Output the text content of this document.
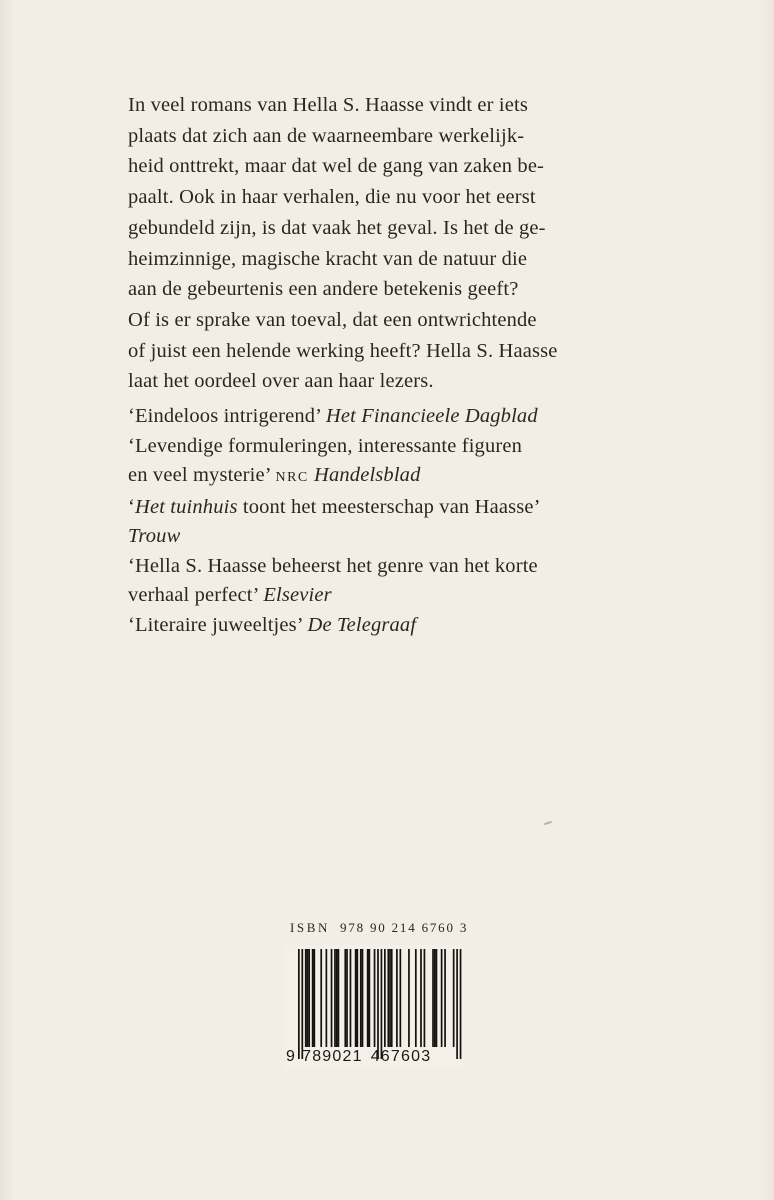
In veel romans van Hella S. Haasse vindt er iets
plaats dat zich aan de waarneembare werkelijk-
heid onttrekt, maar dat wel de gang van zaken be-
paalt. Ook in haar verhalen, die nu voor het eerst
gebundeld zijn, is dat vaak het geval. Is het de ge-
heimzinnige, magische kracht van de natuur die
aan de gebeurtenis een andere betekenis geeft?
Of is er sprake van toeval, dat een ontwrichtende
of juist een helende werking heeft? Hella S. Haasse
laat het oordeel over aan haar lezers.
‘Eindeloos intrigerend’ Het Financieele Dagblad
‘Levendige formuleringen, interessante figuren
en veel mysterie’ NRC Handelsblad
‘Het tuinhuis toont het meesterschap van Haasse’
Trouw
‘Hella S. Haasse beheerst het genre van het korte
verhaal perfect’ Elsevier
‘Literaire juweeltjes’ De Telegraaf
ISBN 978 90 214 6760 3
9 789021 467603
